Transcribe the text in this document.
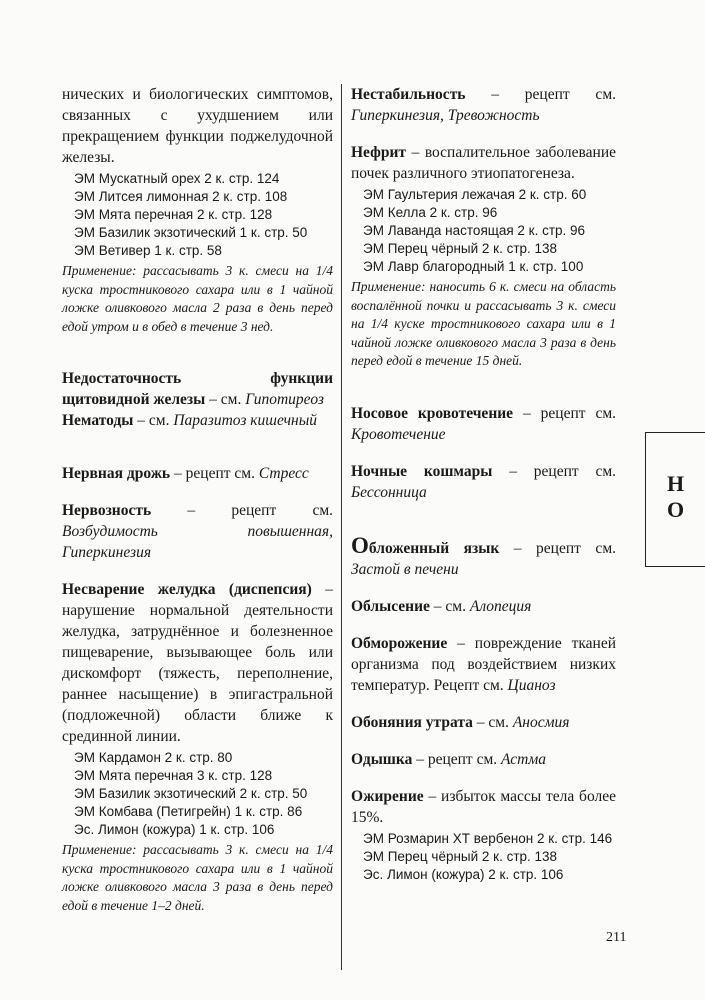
нических и биологических симптомов, связанных с ухудшением или прекращением функции поджелудочной железы.

ЭМ Мускатный орех 2 к. стр. 124
ЭМ Литсея лимонная 2 к. стр. 108
ЭМ Мята перечная 2 к. стр. 128
ЭМ Базилик экзотический 1 к. стр. 50
ЭМ Ветивер 1 к. стр. 58

Применение: рассасывать 3 к. смеси на 1/4 куска тростникового сахара или в 1 чайной ложке оливкового масла 2 раза в день перед едой утром и в обед в течение 3 нед.

Недостаточность функции щитовидной железы – см. Гипотиреоз

Нематоды – см. Паразитоз кишечный

Нервная дрожь – рецепт см. Стресс

Нервозность – рецепт см. Возбудимость повышенная, Гиперкинезия

Несварение желудка (диспепсия) – нарушение нормальной деятельности желудка, затруднённое и болезненное пищеварение, вызывающее боль или дискомфорт (тяжесть, переполнение, раннее насыщение) в эпигастральной (подложечной) области ближе к срединной линии.

ЭМ Кардамон 2 к. стр. 80
ЭМ Мята перечная 3 к. стр. 128
ЭМ Базилик экзотический 2 к. стр. 50
ЭМ Комбава (Петигрейн) 1 к. стр. 86
Эс. Лимон (кожура) 1 к. стр. 106

Применение: рассасывать 3 к. смеси на 1/4 куска тростникового сахара или в 1 чайной ложке оливкового масла 3 раза в день перед едой в течение 1–2 дней.

Нестабильность – рецепт см. Гиперкинезия, Тревожность

Нефрит – воспалительное заболевание почек различного этиопатогенеза.

ЭМ Гаультерия лежачая 2 к. стр. 60
ЭМ Келла 2 к. стр. 96
ЭМ Лаванда настоящая 2 к. стр. 96
ЭМ Перец чёрный 2 к. стр. 138
ЭМ Лавр благородный 1 к. стр. 100

Применение: наносить 6 к. смеси на область воспалённой почки и рассасывать 3 к. смеси на 1/4 куске тростникового сахара или в 1 чайной ложке оливкового масла 3 раза в день перед едой в течение 15 дней.

Носовое кровотечение – рецепт см. Кровотечение

Ночные кошмары – рецепт см. Бессонница

Обложенный язык – рецепт см. Застой в печени

Облысение – см. Алопеция

Обморожение – повреждение тканей организма под воздействием низких температур. Рецепт см. Цианоз

Обоняния утрата – см. Аносмия

Одышка – рецепт см. Астма

Ожирение – избыток массы тела более 15%.

ЭМ Розмарин ХТ вербенон 2 к. стр. 146
ЭМ Перец чёрный 2 к. стр. 138
Эс. Лимон (кожура) 2 к. стр. 106
Н
О
211
